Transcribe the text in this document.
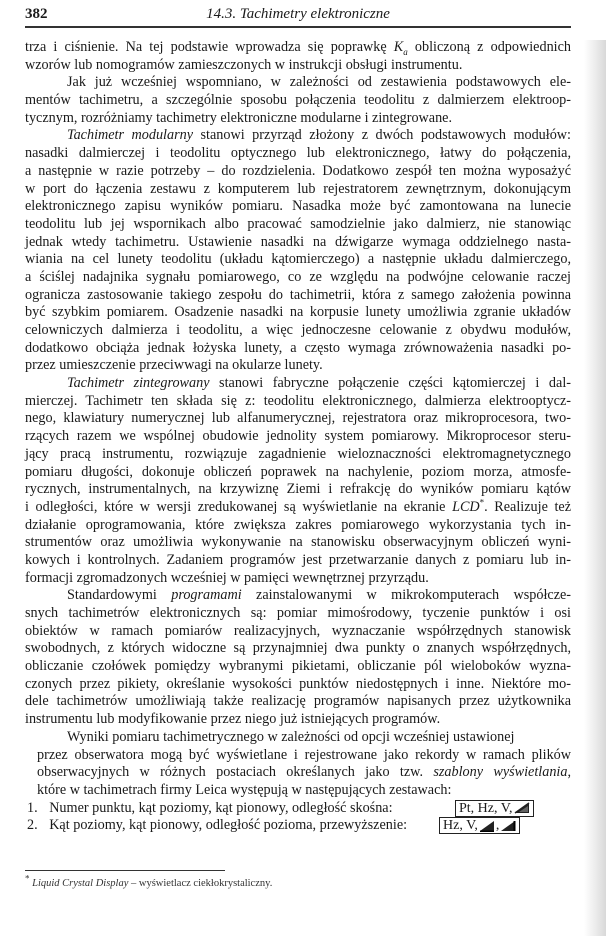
382	14.3. Tachimetry elektroniczne
trza i ciśnienie. Na tej podstawie wprowadza się poprawkę $K_a$ obliczoną z odpowiednich
wzorów lub nomogramów zamieszczonych w instrukcji obsługi instrumentu.
Jak już wcześniej wspomniano, w zależności od zestawienia podstawowych ele-
mentów tachimetru, a szczególnie sposobu połączenia teodolitu z dalmierzem elektroop-
tycznym, rozróżniamy tachimetry elektroniczne modularne i zintegrowane.
Tachimetr modularny stanowi przyrząd złożony z dwóch podstawowych modułów:
nasadki dalmierczej i teodolitu optycznego lub elektronicznego, łatwy do połączenia,
a następnie w razie potrzeby – do rozdzielenia. Dodatkowo zespół ten można wyposażyć
w port do łączenia zestawu z komputerem lub rejestratorem zewnętrznym, dokonującym
elektronicznego zapisu wyników pomiaru. Nasadka może być zamontowana na lunecie
teodolitu lub jej wspornikach albo pracować samodzielnie jako dalmierz, nie stanowiąc
jednak wtedy tachimetru. Ustawienie nasadki na dźwigarze wymaga oddzielnego nasta-
wiania na cel lunety teodolitu (układu kątomierczego) a następnie układu dalmierczego,
a ściślej nadajnika sygnału pomiarowego, co ze względu na podwójne celowanie raczej
ogranicza zastosowanie takiego zespołu do tachimetrii, która z samego założenia powinna
być szybkim pomiarem. Osadzenie nasadki na korpusie lunety umożliwia zgranie układów
celowniczych dalmierza i teodolitu, a więc jednoczesne celowanie z obydwu modułów,
dodatkowo obciąża jednak łożyska lunety, a często wymaga zrównoważenia nasadki po-
przez umieszczenie przeciwwagi na okularze lunety.
Tachimetr zintegrowany stanowi fabryczne połączenie części kątomierczej i dal-
mierczej. Tachimetr ten składa się z: teodolitu elektronicznego, dalmierza elektrooptycz-
nego, klawiatury numerycznej lub alfanumerycznej, rejestratora oraz mikroprocesora, two-
rzących razem we wspólnej obudowie jednolity system pomiarowy. Mikroprocesor steru-
jący pracą instrumentu, rozwiązuje zagadnienie wieloznaczności elektromagnetycznego
pomiaru długości, dokonuje obliczeń poprawek na nachylenie, poziom morza, atmosfe-
rycznych, instrumentalnych, na krzywiznę Ziemi i refrakcję do wyników pomiaru kątów
i odległości, które w wersji zredukowanej są wyświetlanie na ekranie LCD*. Realizuje też
działanie oprogramowania, które zwiększa zakres pomiarowego wykorzystania tych in-
strumentów oraz umożliwia wykonywanie na stanowisku obserwacyjnym obliczeń wyni-
kowych i kontrolnych. Zadaniem programów jest przetwarzanie danych z pomiaru lub in-
formacji zgromadzonych wcześniej w pamięci wewnętrznej przyrządu.
Standardowymi programami zainstalowanymi w mikrokomputerach współcze-
snych tachimetrów elektronicznych są: pomiar mimośrodowy, tyczenie punktów i osi
obiektów w ramach pomiarów realizacyjnych, wyznaczanie współrzędnych stanowisk
swobodnych, z których widoczne są przynajmniej dwa punkty o znanych współrzędnych,
obliczanie czołówek pomiędzy wybranymi pikietami, obliczanie pól wieloboków wyzna-
czonych przez pikiety, określanie wysokości punktów niedostępnych i inne. Niektóre mo-
dele tachimetrów umożliwiają także realizację programów napisanych przez użytkownika
instrumentu lub modyfikowanie przez niego już istniejących programów.
Wyniki pomiaru tachimetrycznego w zależności od opcji wcześniej ustawionej
przez obserwatora mogą być wyświetlane i rejestrowane jako rekordy w ramach plików
obserwacyjnych w różnych postaciach określanych jako tzw. szablony wyświetlania,
które w tachimetrach firmy Leica występują w następujących zestawach:
1. Numer punktu, kąt poziomy, kąt pionowy, odległość skośna:	Pt, Hz, V,
2. Kąt poziomy, kąt pionowy, odległość pozioma, przewyższenie:	Hz, V, ,
* Liquid Crystal Display – wyświetlacz ciekłokrystaliczny.
